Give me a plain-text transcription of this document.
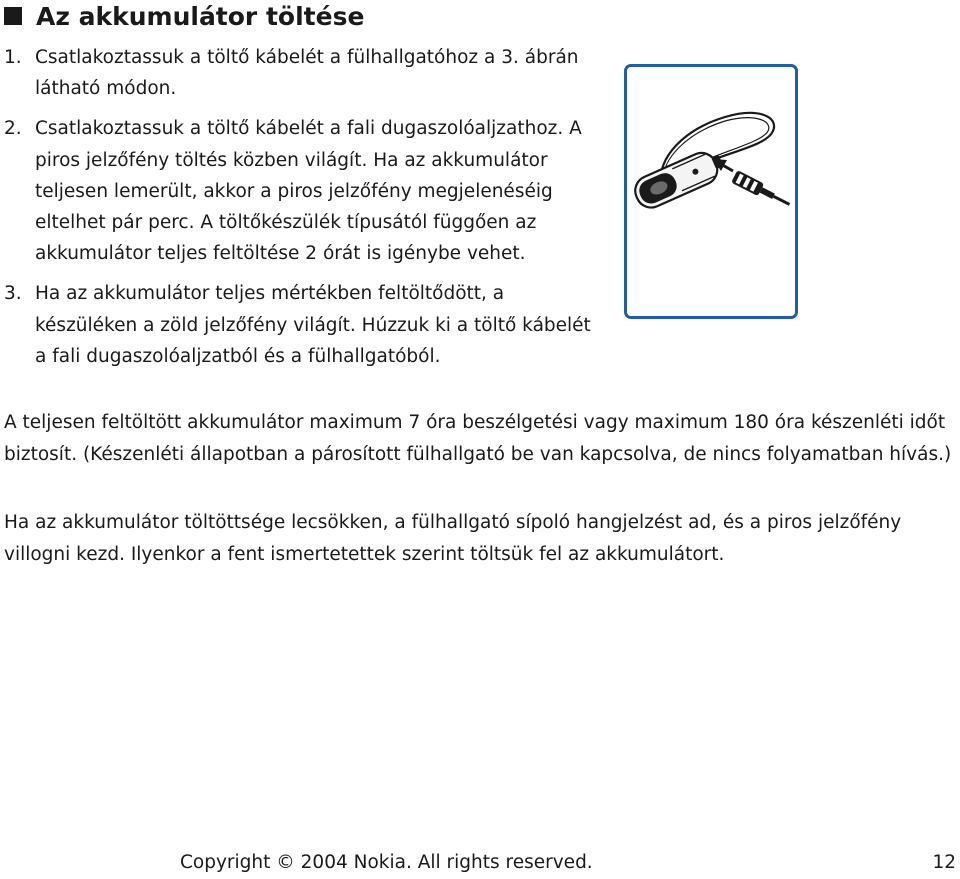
Az akkumulátor töltése
1. Csatlakoztassuk a töltő kábelét a fülhallgatóhoz a 3. ábrán látható módon.
2. Csatlakoztassuk a töltő kábelét a fali dugaszolóaljzathoz. A piros jelzőfény töltés közben világít. Ha az akkumulátor teljesen lemerült, akkor a piros jelzőfény megjelenéséig eltelhet pár perc. A töltőkészülék típusától függően az akkumulátor teljes feltöltése 2 órát is igénybe vehet.
3. Ha az akkumulátor teljes mértékben feltöltődött, a készüléken a zöld jelzőfény világít. Húzzuk ki a töltő kábelét a fali dugaszolóaljzatból és a fülhallgatóból.

A teljesen feltöltött akkumulátor maximum 7 óra beszélgetési vagy maximum 180 óra készenléti időt biztosít. (Készenléti állapotban a párosított fülhallgató be van kapcsolva, de nincs folyamatban hívás.)

Ha az akkumulátor töltöttsége lecsökken, a fülhallgató sípoló hangjelzést ad, és a piros jelzőfény villogni kezd. Ilyenkor a fent ismertetettek szerint töltsük fel az akkumulátort.

Copyright © 2004 Nokia. All rights reserved.	12
